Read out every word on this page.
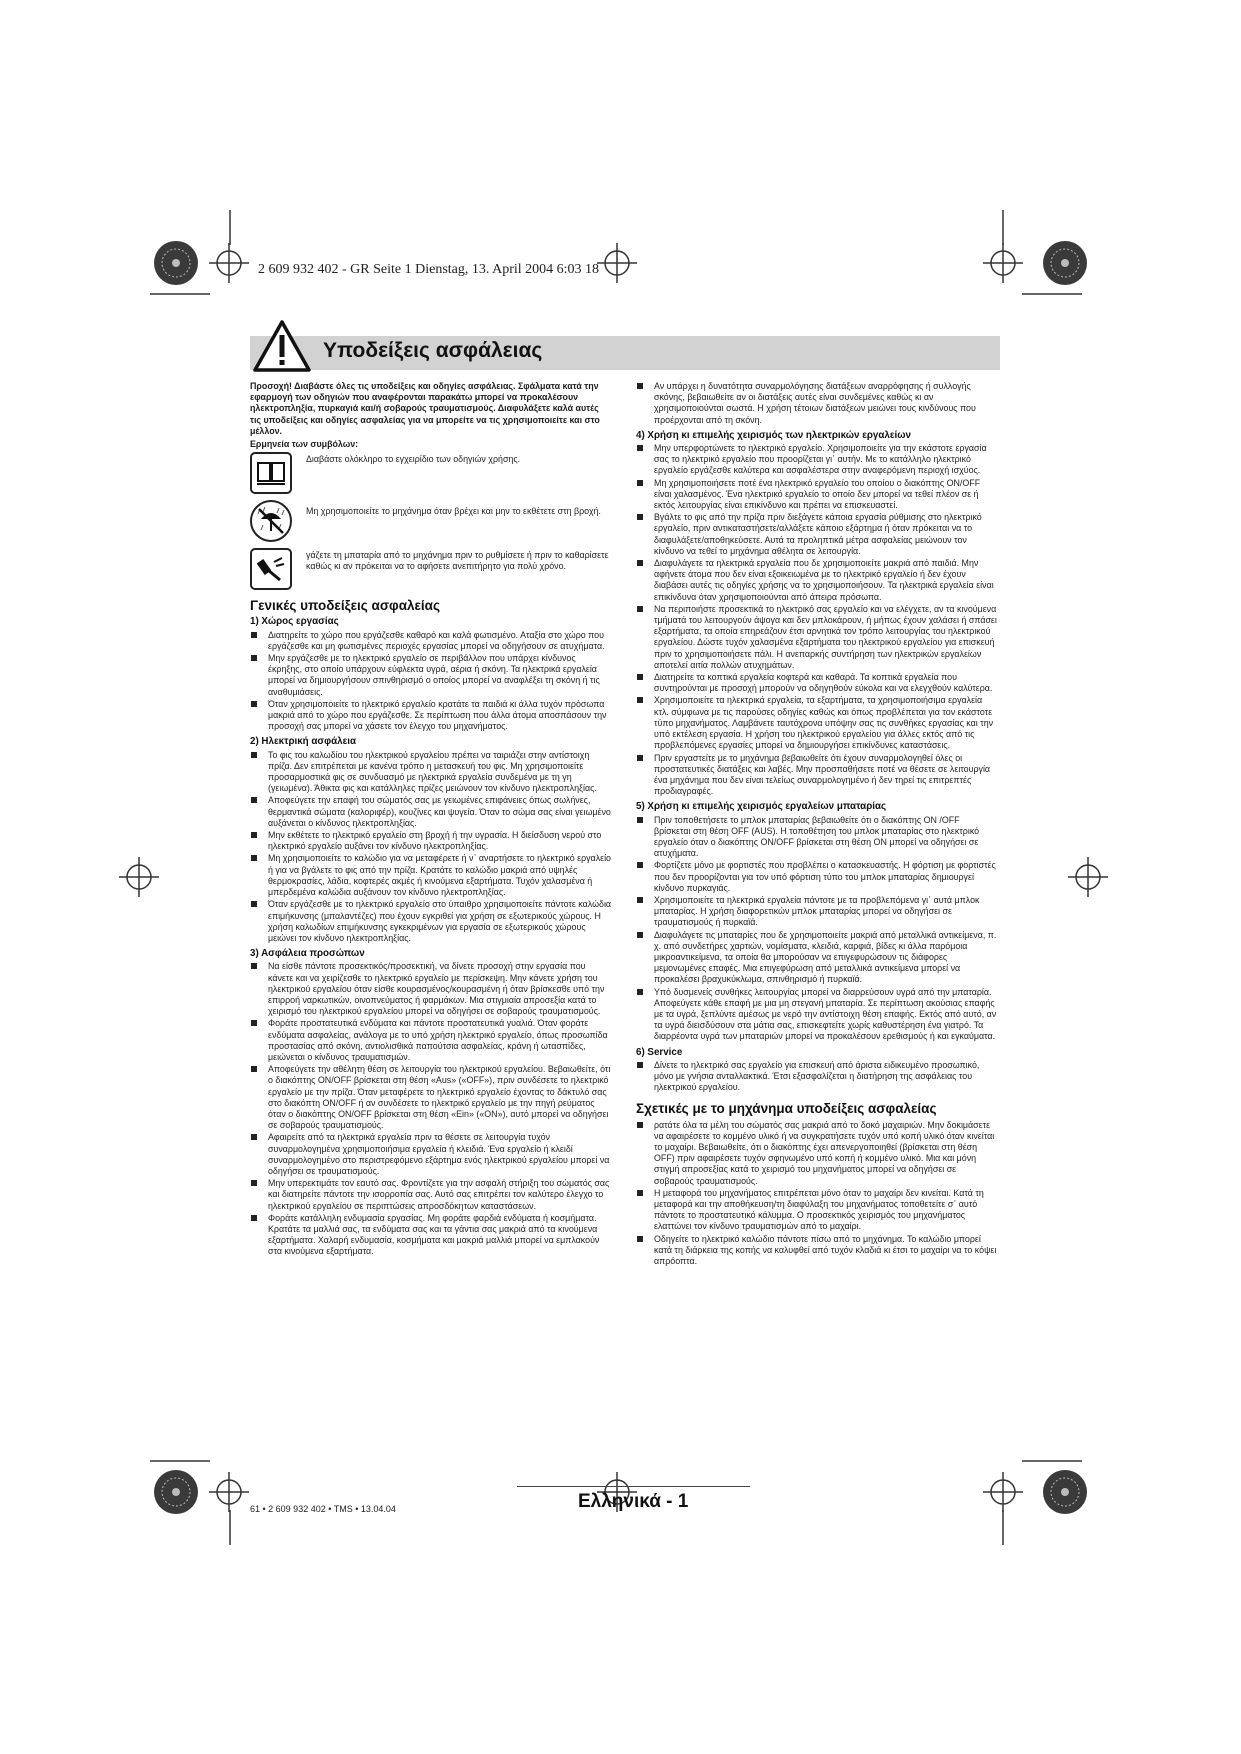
2 609 932 402 - GR Seite 1 Dienstag, 13. April 2004 6:03 18
Υποδείξεις ασφάλειας

Προσοχή! Διαβάστε όλες τις υποδείξεις και οδηγίες ασφάλειας. Σφάλματα κατά την εφαρμογή των οδηγιών που αναφέρονται παρακάτω μπορεί να προκαλέσουν ηλεκτροπληξία, πυρκαγιά και/ή σοβαρούς τραυματισμούς. Διαφυλάξετε καλά αυτές τις υποδείξεις και οδηγίες ασφαλείας για να μπορείτε να τις χρησιμοποιείτε και στο μέλλον.

Ερμηνεία των συμβόλων:

Διαβάστε ολόκληρο το εγχειρίδιο των οδηγιών χρήσης.
Μη χρησιμοποιείτε το μηχάνημα όταν βρέχει και μην το εκθέτετε στη βροχή.
γάζετε τη μπαταρία από το μηχάνημα πριν το ρυθμίσετε ή πριν το καθαρίσετε καθώς κι αν πρόκειται να το αφήσετε ανεπιτήρητο για πολύ χρόνο.
Γενικές υποδείξεις ασφαλείας
1) Χώρος εργασίας
Διατηρείτε το χώρο που εργάζεσθε καθαρό και καλά φωτισμένο. Αταξία στο χώρο που εργάζεσθε και μη φωτισμένες περιοχές εργασίας μπορεί να οδηγήσουν σε ατυχήματα.
Μην εργάζεσθε με το ηλεκτρικό εργαλείο σε περιβάλλον που υπάρχει κίνδυνος έκρηξης, στο οποίο υπάρχουν εύφλεκτα υγρά, αέρια ή σκόνη. Τα ηλεκτρικά εργαλεία μπορεί να δημιουργήσουν σπινθηρισμό ο οποίος μπορεί να αναφλέξει τη σκόνη ή τις αναθυμιάσεις.
Όταν χρησιμοποιείτε το ηλεκτρικό εργαλείο κρατάτε τα παιδιά κι άλλα τυχόν πρόσωπα μακριά από το χώρο που εργάζεσθε. Σε περίπτωση που άλλα άτομα αποσπάσουν την προσοχή σας μπορεί να χάσετε τον έλεγχο του μηχανήματος.
2) Ηλεκτρική ασφάλεια
Το φις του καλωδίου του ηλεκτρικού εργαλείου πρέπει να ταιριάζει στην αντίστοιχη πρίζα. Δεν επιτρέπεται με κανένα τρόπο η μετασκευή του φις. Μη χρησιμοποιείτε προσαρμοστικά φις σε συνδυασμό με ηλεκτρικά εργαλεία συνδεμένα με τη γη (γειωμένα). Άθικτα φις και κατάλληλες πρίζες μειώνουν τον κίνδυνο ηλεκτροπληξίας.
Αποφεύγετε την επαφή του σώματός σας με γειωμένες επιφάνειες όπως σωλήνες, θερμαντικά σώματα (καλοριφέρ), κουζίνες και ψυγεία. Όταν το σώμα σας είναι γειωμένο αυξάνεται ο κίνδυνος ηλεκτροπληξίας.
Μην εκθέτετε το ηλεκτρικό εργαλείο στη βροχή ή την υγρασία. Η διείσδυση νερού στο ηλεκτρικό εργαλείο αυξάνει τον κίνδυνο ηλεκτροπληξίας.
Μη χρησιμοποιείτε το καλώδιο για να μεταφέρετε ή ν᾽ αναρτήσετε το ηλεκτρικό εργαλείο ή για να βγάλετε το φις από την πρίζα. Κρατάτε το καλώδιο μακριά από υψηλές θερμοκρασίες, λάδια, κοφτερές ακμές ή κινούμενα εξαρτήματα. Τυχόν χαλασμένα ή μπερδεμένα καλώδια αυξάνουν τον κίνδυνο ηλεκτροπληξίας.
Όταν εργάζεσθε με το ηλεκτρικό εργαλείο στο ύπαιθρο χρησιμοποιείτε πάντοτε καλώδια επιμήκυνσης (μπαλαντέζες) που έχουν εγκριθεί για χρήση σε εξωτερικούς χώρους. Η χρήση καλωδίων επιμήκυνσης εγκεκριμένων για εργασία σε εξωτερικούς χώρους μειώνει τον κίνδυνο ηλεκτροπληξίας.
3) Ασφάλεια προσώπων
Να είσθε πάντοτε προσεκτικός/προσεκτική, να δίνετε προσοχή στην εργασία που κάνετε και να χειρίζεσθε το ηλεκτρικό εργαλείο με περίσκεψη. Μην κάνετε χρήση του ηλεκτρικού εργαλείου όταν είσθε κουρασμένος/κουρασμένη ή όταν βρίσκεσθε υπό την επιρροή ναρκωτικών, οινοπνεύματος ή φαρμάκων. Μια στιγμιαία απροσεξία κατά το χειρισμό του ηλεκτρικού εργαλείου μπορεί να οδηγήσει σε σοβαρούς τραυματισμούς.
Φοράτε προστατευτικά ενδύματα και πάντοτε προστατευτικά γυαλιά. Όταν φοράτε ενδύματα ασφαλείας, ανάλογα με το υπό χρήση ηλεκτρικό εργαλείο, όπως προσωπίδα προστασίας από σκόνη, αντιολισθικά παπούτσια ασφαλείας, κράνη ή ωτασπίδες, μειώνεται ο κίνδυνος τραυματισμών.
Αποφεύγετε την αθέλητη θέση σε λειτουργία του ηλεκτρικού εργαλείου. Βεβαιωθείτε, ότι ο διακόπτης ON/OFF βρίσκεται στη θέση «Aus» («OFF»), πριν συνδέσετε το ηλεκτρικό εργαλείο με την πρίζα. Όταν μεταφέρετε το ηλεκτρικό εργαλείο έχοντας το δάκτυλό σας στο διακόπτη ON/OFF ή αν συνδέσετε το ηλεκτρικό εργαλείο με την πηγή ρεύματος όταν ο διακόπτης ON/OFF βρίσκεται στη θέση «Ein» («ON»), αυτό μπορεί να οδηγήσει σε σοβαρούς τραυματισμούς.
Αφαιρείτε από τα ηλεκτρικά εργαλεία πριν τα θέσετε σε λειτουργία τυχόν συναρμολογημένα χρησιμοποιήσιμα εργαλεία ή κλειδιά. Ένα εργαλείο ή κλειδί συναρμολογημένο στο περιστρεφόμενο εξάρτημα ενός ηλεκτρικού εργαλείου μπορεί να οδηγήσει σε τραυματισμούς.
Μην υπερεκτιμάτε τον εαυτό σας. Φροντίζετε για την ασφαλή στήριξη του σώματός σας και διατηρείτε πάντοτε την ισορροπία σας. Αυτό σας επιτρέπει τον καλύτερο έλεγχο το ηλεκτρικού εργαλείου σε περιπτώσεις απροσδόκητων καταστάσεων.
Φοράτε κατάλληλη ενδυμασία εργασίας. Μη φοράτε φαρδιά ενδύματα ή κοσμήματα. Κρατάτε τα μαλλιά σας, τα ενδύματα σας και τα γάντια σας μακριά από τα κινούμενα εξαρτήματα. Χαλαρή ενδυμασία, κοσμήματα και μακριά μαλλιά μπορεί να εμπλακούν στα κινούμενα εξαρτήματα.
Αν υπάρχει η δυνατότητα συναρμολόγησης διατάξεων αναρρόφησης ή συλλογής σκόνης, βεβαιωθείτε αν οι διατάξεις αυτές είναι συνδεμένες καθώς κι αν χρησιμοποιούνται σωστά. Η χρήση τέτοιων διατάξεων μειώνει τους κινδύνους που προέρχονται από τη σκόνη.
4) Χρήση κι επιμελής χειρισμός των ηλεκτρικών εργαλείων
Μην υπερφορτώνετε το ηλεκτρικό εργαλείο. Χρησιμοποιείτε για την εκάστοτε εργασία σας το ηλεκτρικό εργαλείο που προορίζεται γι᾽ αυτήν. Με το κατάλληλο ηλεκτρικό εργαλείο εργάζεσθε καλύτερα και ασφαλέστερα στην αναφερόμενη περιοχή ισχύος.
Μη χρησιμοποιήσετε ποτέ ένα ηλεκτρικό εργαλείο του οποίου ο διακόπτης ON/OFF είναι χαλασμένος. Ένα ηλεκτρικό εργαλείο το οποίο δεν μπορεί να τεθεί πλέον σε ή εκτός λειτουργίας είναι επικίνδυνο και πρέπει να επισκευαστεί.
Βγάλτε το φις από την πρίζα πριν διεξάγετε κάποια εργασία ρύθμισης στο ηλεκτρικό εργαλείο, πριν αντικαταστήσετε/αλλάξετε κάποιο εξάρτημα ή όταν πρόκειται να το διαφυλάξετε/αποθηκεύσετε. Αυτά τα προληπτικά μέτρα ασφαλείας μειώνουν τον κίνδυνο να τεθεί το μηχάνημα αθέλητα σε λειτουργία.
Διαφυλάγετε τα ηλεκτρικά εργαλεία που δε χρησιμοποιείτε μακριά από παιδιά. Μην αφήνετε άτομα που δεν είναι εξοικειωμένα με το ηλεκτρικό εργαλείο ή δεν έχουν διαβάσει αυτές τις οδηγίες χρήσης να το χρησιμοποιήσουν. Τα ηλεκτρικά εργαλεία είναι επικίνδυνα όταν χρησιμοποιούνται από άπειρα πρόσωπα.
Να περιποιήστε προσεκτικά το ηλεκτρικό σας εργαλείο και να ελέγχετε, αν τα κινούμενα τμήματά του λειτουργούν άψογα και δεν μπλοκάρουν, ή μήπως έχουν χαλάσει ή σπάσει εξαρτήματα, τα οποία επηρεάζουν έτσι αρνητικά τον τρόπο λειτουργίας του ηλεκτρικού εργαλείου. Δώστε τυχόν χαλασμένα εξαρτήματα του ηλεκτρικού εργαλείου για επισκευή πριν το χρησιμοποιήσετε πάλι. Η ανεπαρκής συντήρηση των ηλεκτρικών εργαλείων αποτελεί αιτία πολλών ατυχημάτων.
Διατηρείτε τα κοπτικά εργαλεία κοφτερά και καθαρά. Τα κοπτικά εργαλεία που συντηρούνται με προσοχή μπορούν να οδηγηθούν εύκολα και να ελεγχθούν καλύτερα.
Χρησιμοποιείτε τα ηλεκτρικά εργαλεία, τα εξαρτήματα, τα χρησιμοποιήσιμα εργαλεία κτλ. σύμφωνα με τις παρούσες οδηγίες καθώς και όπως προβλέπεται για τον εκάστοτε τύπο μηχανήματος. Λαμβάνετε ταυτόχρονα υπόψην σας τις συνθήκες εργασίας και την υπό εκτέλεση εργασία. Η χρήση του ηλεκτρικού εργαλείου για άλλες εκτός από τις προβλεπόμενες εργασίες μπορεί να δημιουργήσει επικίνδυνες καταστάσεις.
Πριν εργαστείτε με το μηχάνημα βεβαιωθείτε ότι έχουν συναρμολογηθεί όλες οι προστατευτικές διατάξεις και λαβές. Μην προσπαθήσετε ποτέ να θέσετε σε λειτουργία ένα μηχάνημα που δεν είναι τελείως συναρμολογημένο ή δεν τηρεί τις επιτρεπτές προδιαγραφές.
5) Χρήση κι επιμελής χειρισμός εργαλείων μπαταρίας
Πριν τοποθετήσετε το μπλοκ μπαταρίας βεβαιωθείτε ότι ο διακόπτης ON /OFF βρίσκεται στη θέση OFF (AUS). Η τοποθέτηση του μπλοκ μπαταρίας στο ηλεκτρικό εργαλείο όταν ο διακόπτης ON/OFF βρίσκεται στη θέση ON μπορεί να οδηγήσει σε ατυχήματα.
Φορτίζετε μόνο με φορτιστές που προβλέπει ο κατασκευαστής. Η φόρτιση με φορτιστές που δεν προορίζονται για τον υπό φόρτιση τύπο του μπλοκ μπαταρίας δημιουργεί κίνδυνο πυρκαγιάς.
Χρησιμοποιείτε τα ηλεκτρικά εργαλεία πάντοτε με τα προβλεπόμενα γι᾽ αυτά μπλοκ μπαταρίας. Η χρήση διαφορετικών μπλοκ μπαταρίας μπορεί να οδηγήσει σε τραυματισμούς ή πυρκαϊά.
Διαφυλάγετε τις μπαταρίες που δε χρησιμοποιείτε μακριά από μεταλλικά αντικείμενα, π. χ. από συνδετήρες χαρτιών, νομίσματα, κλειδιά, καρφιά, βίδες κι άλλα παρόμοια μικροαντικείμενα, τα οποία θα μπορούσαν να επιγεφυρώσουν τις διάφορες μεμονωμένες επαφές. Μια επιγεφύρωση από μεταλλικά αντικείμενα μπορεί να προκαλέσει βραχυκύκλωμα, σπινθηρισμό ή πυρκαϊά.
Υπό δυσμενείς συνθήκες λειτουργίας μπορεί να διαρρεύσουν υγρά από την μπαταρία. Αποφεύγετε κάθε επαφή με μια μη στεγανή μπαταρία. Σε περίπτωση ακούσιας επαφής με τα υγρά, ξεπλύντε αμέσως με νερό την αντίστοιχη θέση επαφής. Εκτός από αυτό, αν τα υγρά διεισδύσουν στα μάτια σας, επισκεφτείτε χωρίς καθυστέρηση ένα γιατρό. Τα διαρρέοντα υγρά των μπαταριών μπορεί να προκαλέσουν ερεθισμούς ή και εγκαύματα.
6) Service
Δίνετε το ηλεκτρικό σας εργαλείο για επισκευή από άριστα ειδικευμένο προσωπικό, μόνο με γνήσια ανταλλακτικά. Έτσι εξασφαλίζεται η διατήρηση της ασφάλειας του ηλεκτρικού εργαλείου.
Σχετικές με το μηχάνημα υποδείξεις ασφαλείας
ρατάτε όλα τα μέλη του σώματός σας μακριά από το δοκό μαχαιριών. Μην δοκιμάσετε να αφαιρέσετε το κομμένο υλικό ή να συγκρατήσετε τυχόν υπό κοπή υλικό όταν κινείται το μαχαίρι. Βεβαιωθείτε, ότι ο διακόπτης έχει απενεργοποιηθεί (βρίσκεται στη θέση OFF) πριν αφαιρέσετε τυχόν σφηνωμένο υπό κοπή ή κομμένο υλικό. Μια και μόνη στιγμή απροσεξίας κατά το χειρισμό του μηχανήματος μπορεί να οδηγήσει σε σοβαρούς τραυματισμούς.
Η μεταφορά του μηχανήματος επιτρέπεται μόνο όταν το μαχαίρι δεν κινείται. Κατά τη μεταφορά και την αποθήκευση/τη διαφύλαξη του μηχανήματος τοποθετείτε σ᾽ αυτό πάντοτε το προστατευτικό κάλυμμα. Ο προσεκτικός χειρισμός του μηχανήματος ελαττώνει τον κίνδυνο τραυματισμών από το μαχαίρι.
Οδηγείτε το ηλεκτρικό καλώδιο πάντοτε πίσω από το μηχάνημα. Το καλώδιο μπορεί κατά τη διάρκεια της κοπής να καλυφθεί από τυχόν κλαδιά κι έτσι το μαχαίρι να το κόψει απρόοπτα.
61 • 2 609 932 402 • TMS • 13.04.04	Ελληνικά - 1
